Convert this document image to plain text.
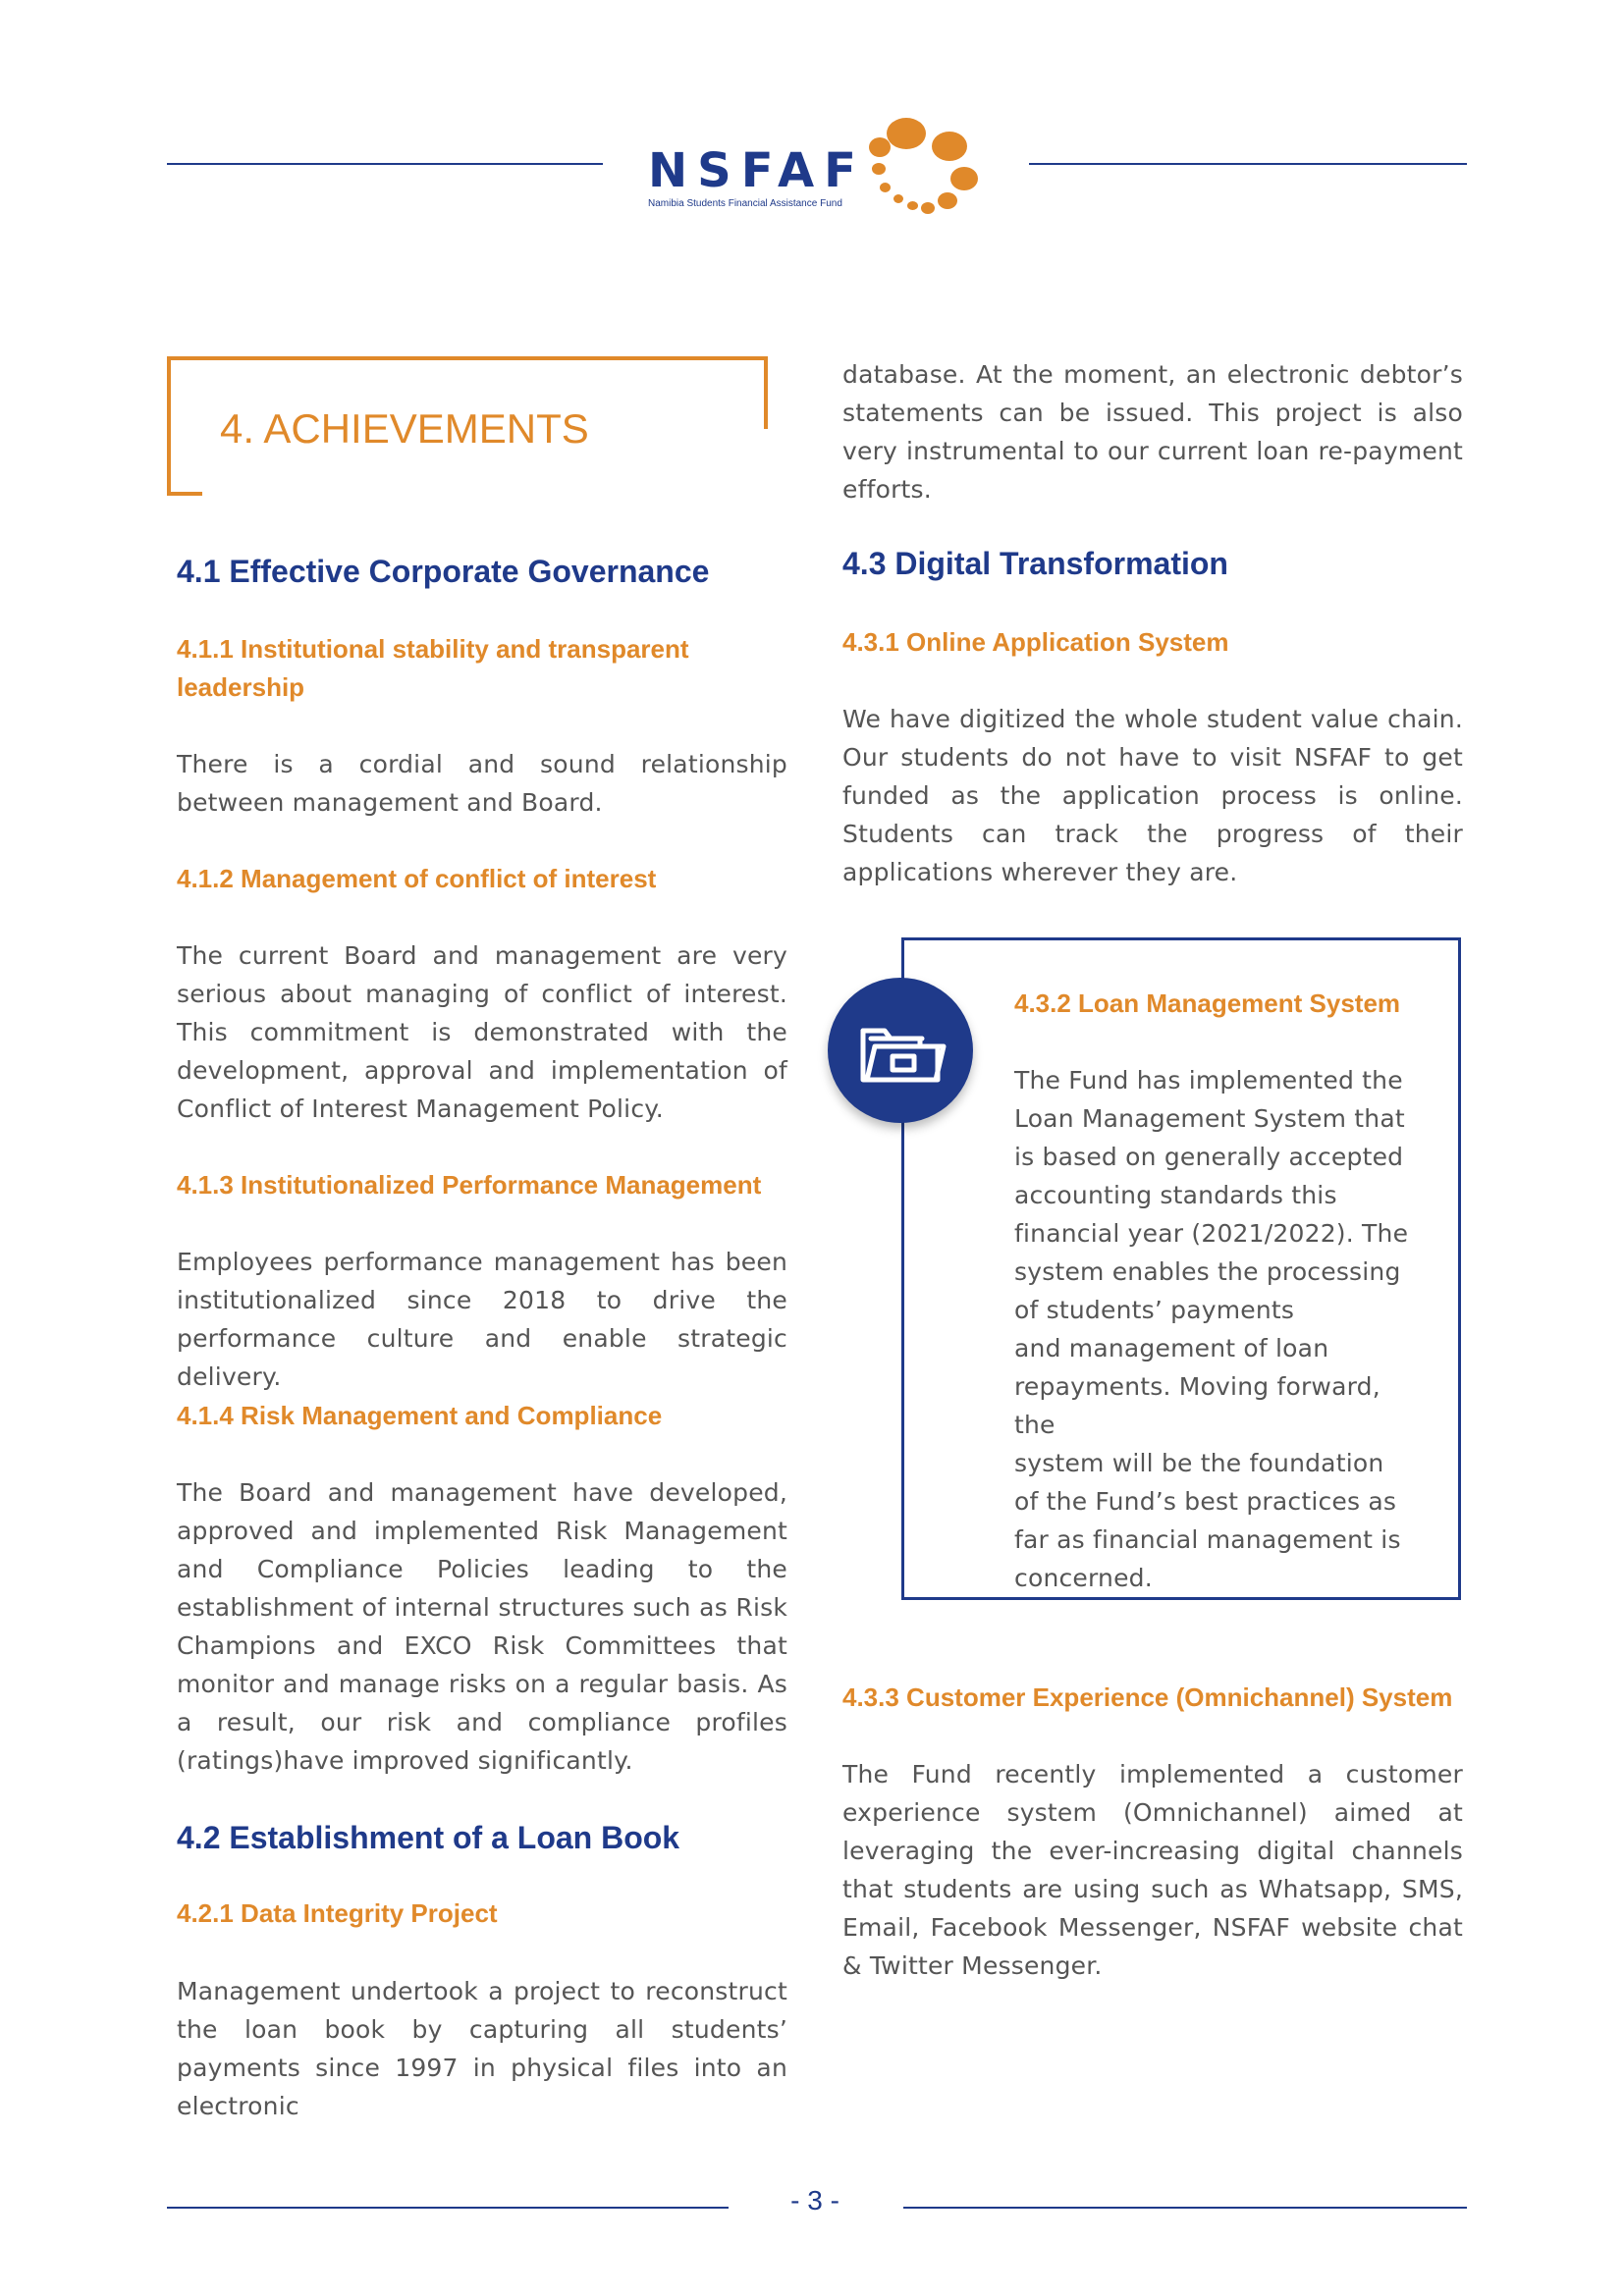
NSFAF
Namibia Students Financial Assistance Fund
4. ACHIEVEMENTS
4.1 Effective Corporate Governance
4.1.1 Institutional stability and transparent
leadership

There is a cordial and sound relationship between management and Board.

4.1.2 Management of conflict of interest

The current Board and management are very serious about managing of conflict of interest. This commitment is demonstrated with the development, approval and implementation of Conflict of Interest Management Policy.

4.1.3 Institutionalized Performance Management

Employees performance management has been institutionalized since 2018 to drive the performance culture and enable strategic delivery.

4.1.4 Risk Management and Compliance

The Board and management have developed, approved and implemented Risk Management and Compliance Policies leading to the establishment of internal structures such as Risk Champions and EXCO Risk Committees that monitor and manage risks on a regular basis. As a result, our risk and compliance profiles (ratings)have improved significantly.

4.2 Establishment of a Loan Book
4.2.1 Data Integrity Project

Management undertook a project to reconstruct the loan book by capturing all students’ payments since 1997 in physical files into an electronic

database. At the moment, an electronic debtor’s statements can be issued. This project is also very instrumental to our current loan re-payment efforts.

4.3 Digital Transformation
4.3.1 Online Application System

We have digitized the whole student value chain. Our students do not have to visit NSFAF to get funded as the application process is online. Students can track the progress of their applications wherever they are.

4.3.2 Loan Management System

The Fund has implemented the

Loan Management System that

is based on generally accepted

accounting standards this

financial year (2021/2022). The

system enables the processing

of students’ payments

and management of loan

repayments. Moving forward, the

system will be the foundation

of the Fund’s best practices as

far as financial management is

concerned.

4.3.3 Customer Experience (Omnichannel) System

The Fund recently implemented a customer experience system (Omnichannel) aimed at leveraging the ever-increasing digital channels that students are using such as Whatsapp, SMS, Email, Facebook Messenger, NSFAF website chat & Twitter Messenger.

- 3 -
